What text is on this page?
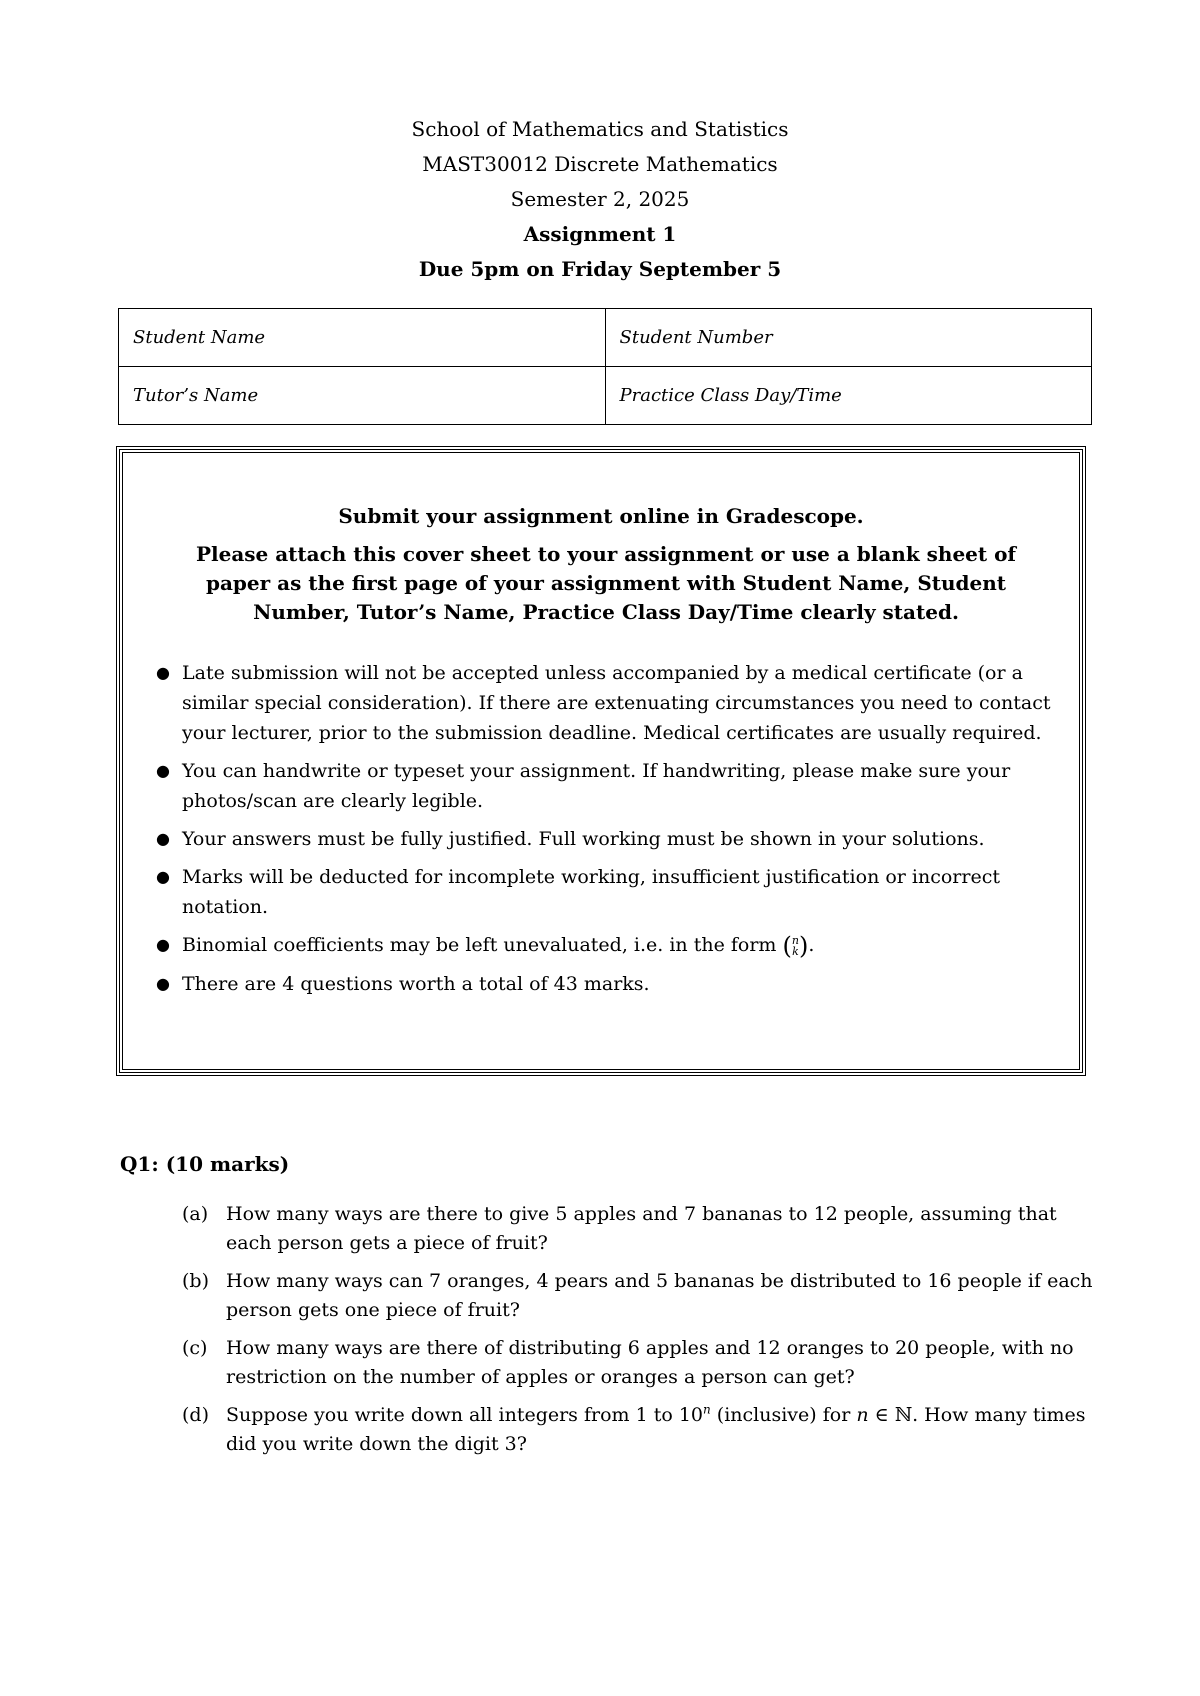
School of Mathematics and Statistics
MAST30012 Discrete Mathematics
Semester 2, 2025
Assignment 1
Due 5pm on Friday September 5
Student Name	Student Number
Tutor’s Name	Practice Class Day/Time
Submit your assignment online in Gradescope.
Please attach this cover sheet to your assignment or use a blank sheet of paper as the first page of your assignment with Student Name, Student Number, Tutor’s Name, Practice Class Day/Time clearly stated.
● Late submission will not be accepted unless accompanied by a medical certificate (or a similar special consideration). If there are extenuating circumstances you need to contact your lecturer, prior to the submission deadline. Medical certificates are usually required.
● You can handwrite or typeset your assignment. If handwriting, please make sure your photos/scan are clearly legible.
● Your answers must be fully justified. Full working must be shown in your solutions.
● Marks will be deducted for incomplete working, insufficient justification or incorrect notation.
● Binomial coefficients may be left unevaluated, i.e. in the form (n
k).
● There are 4 questions worth a total of 43 marks.
Q1: (10 marks)
(a) How many ways are there to give 5 apples and 7 bananas to 12 people, assuming that each person gets a piece of fruit?
(b) How many ways can 7 oranges, 4 pears and 5 bananas be distributed to 16 people if each person gets one piece of fruit?
(c) How many ways are there of distributing 6 apples and 12 oranges to 20 people, with no restriction on the number of apples or oranges a person can get?
(d) Suppose you write down all integers from 1 to 10$^n$ (inclusive) for n ∈ ℕ. How many times did you write down the digit 3?
